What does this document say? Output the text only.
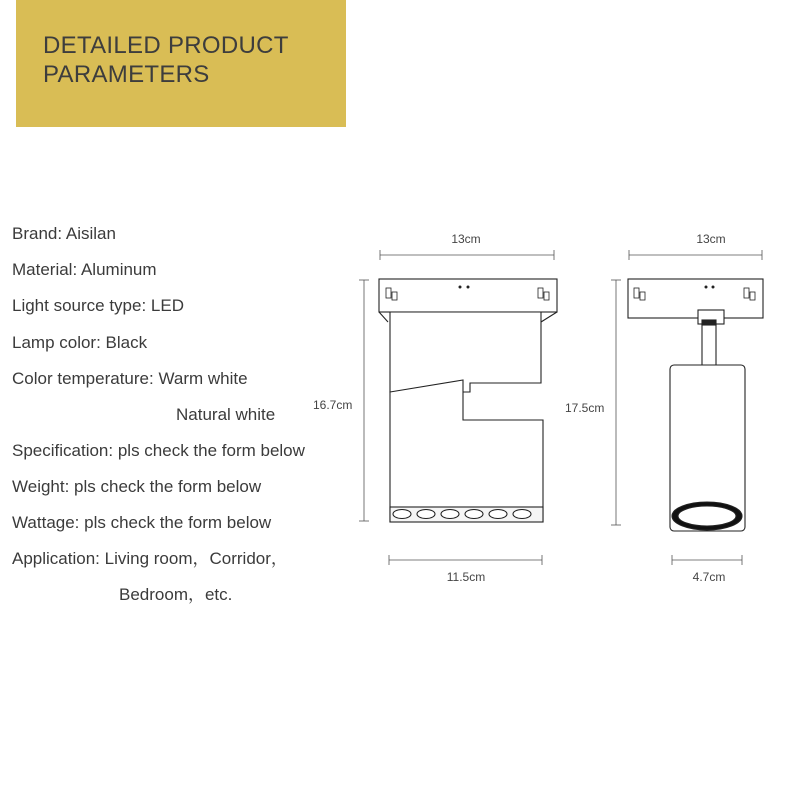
DETAILED PRODUCT
PARAMETERS
Brand: Aisilan
Material: Aluminum
Light source type: LED
Lamp color: Black
Color temperature: Warm white
Natural white
Specification: pls check the form below
Weight: pls check the form below
Wattage: pls check the form below
Application: Living room，Corridor，
Bedroom，etc.
13cm
16.7cm
11.5cm
13cm
17.5cm
4.7cm
